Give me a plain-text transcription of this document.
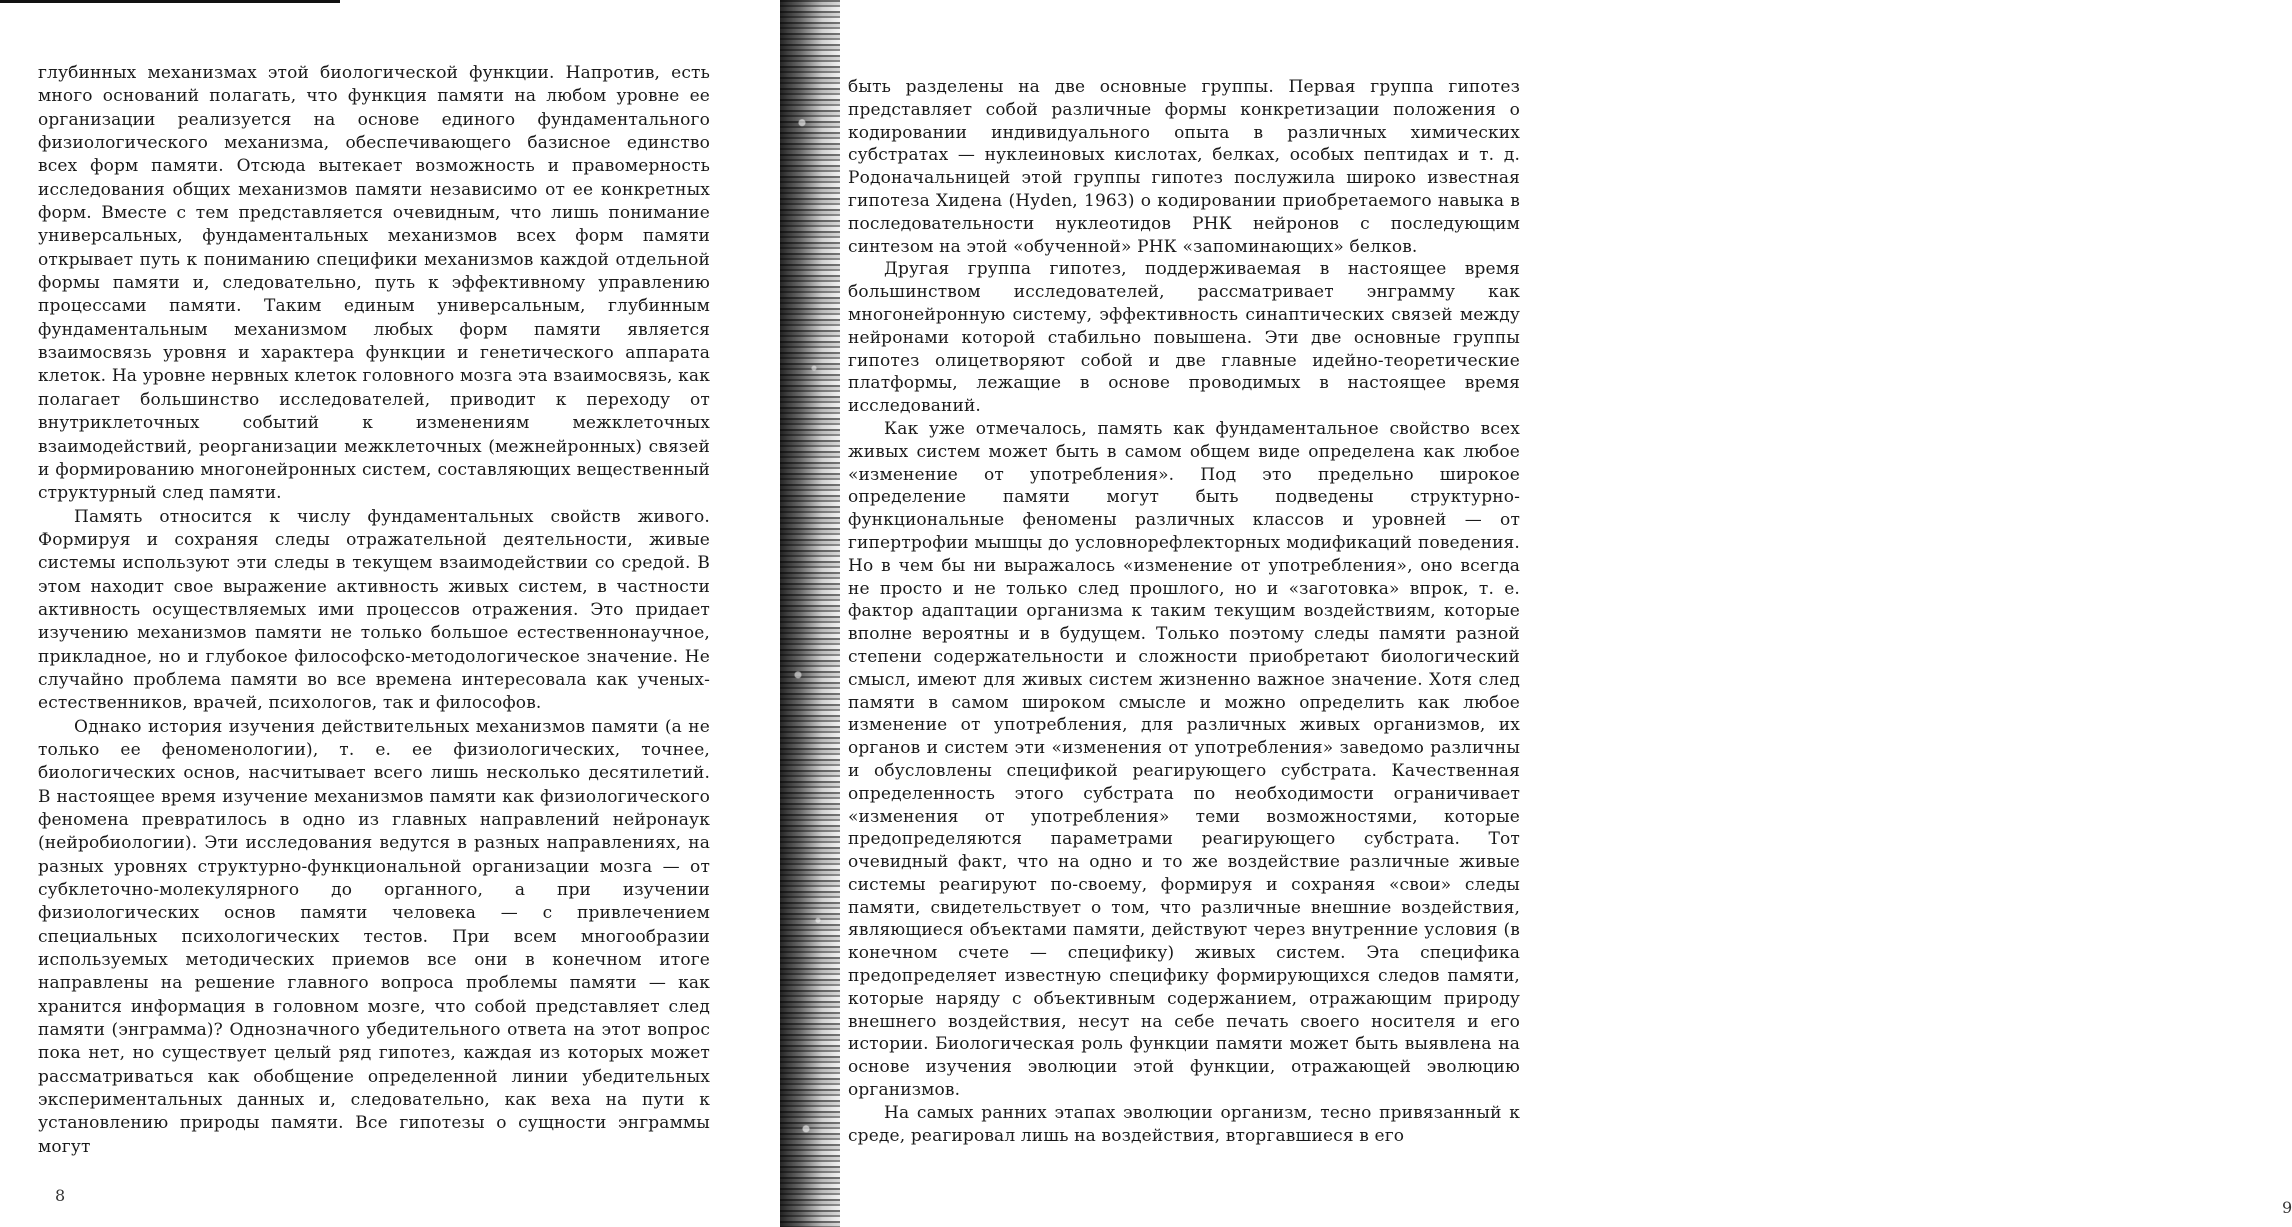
глубинных механизмах этой биологической функции. Напротив, есть много оснований полагать, что функция памяти на любом уровне ее организации реализуется на основе единого фундаментального физиологического механизма, обеспечивающего базисное единство всех форм памяти. Отсюда вытекает возможность и правомерность исследования общих механизмов памяти независимо от ее конкретных форм. Вместе с тем представляется очевидным, что лишь понимание универсальных, фундаментальных механизмов всех форм памяти открывает путь к пониманию специфики механизмов каждой отдельной формы памяти и, следовательно, путь к эффективному управлению процессами памяти. Таким единым универсальным, глубинным фундаментальным механизмом любых форм памяти является взаимосвязь уровня и характера функции и генетического аппарата клеток. На уровне нервных клеток головного мозга эта взаимосвязь, как полагает большинство исследователей, приводит к переходу от внутриклеточных событий к изменениям межклеточных взаимодействий, реорганизации межклеточных (межнейронных) связей и формированию многонейронных систем, составляющих вещественный структурный след памяти.

Память относится к числу фундаментальных свойств живого. Формируя и сохраняя следы отражательной деятельности, живые системы используют эти следы в текущем взаимодействии со средой. В этом находит свое выражение активность живых систем, в частности активность осуществляемых ими процессов отражения. Это придает изучению механизмов памяти не только большое естественнонаучное, прикладное, но и глубокое философско-методологическое значение. Не случайно проблема памяти во все времена интересовала как ученых-естественников, врачей, психологов, так и философов.

Однако история изучения действительных механизмов памяти (а не только ее феноменологии), т. е. ее физиологических, точнее, биологических основ, насчитывает всего лишь несколько десятилетий. В настоящее время изучение механизмов памяти как физиологического феномена превратилось в одно из главных направлений нейронаук (нейробиологии). Эти исследования ведутся в разных направлениях, на разных уровнях структурно-функциональной организации мозга — от субклеточно-молекулярного до органного, а при изучении физиологических основ памяти человека — с привлечением специальных психологических тестов. При всем многообразии используемых методических приемов все они в конечном итоге направлены на решение главного вопроса проблемы памяти — как хранится информация в головном мозге, что собой представляет след памяти (энграмма)? Однозначного убедительного ответа на этот вопрос пока нет, но существует целый ряд гипотез, каждая из которых может рассматриваться как обобщение определенной линии убедительных экспериментальных данных и, следовательно, как веха на пути к установлению природы памяти. Все гипотезы о сущности энграммы могут

8
9

быть разделены на две основные группы. Первая группа гипотез представляет собой различные формы конкретизации положения о кодировании индивидуального опыта в различных химических субстратах — нуклеиновых кислотах, белках, особых пептидах и т. д. Родоначальницей этой группы гипотез послужила широко известная гипотеза Хидена (Hyden, 1963) о кодировании приобретаемого навыка в последовательности нуклеотидов РНК нейронов с последующим синтезом на этой «обученной» РНК «запоминающих» белков.

Другая группа гипотез, поддерживаемая в настоящее время большинством исследователей, рассматривает энграмму как многонейронную систему, эффективность синаптических связей между нейронами которой стабильно повышена. Эти две основные группы гипотез олицетворяют собой и две главные идейно-теоретические платформы, лежащие в основе проводимых в настоящее время исследований.

Как уже отмечалось, память как фундаментальное свойство всех живых систем может быть в самом общем виде определена как любое «изменение от употребления». Под это предельно широкое определение памяти могут быть подведены структурно-функциональные феномены различных классов и уровней — от гипертрофии мышцы до условнорефлекторных модификаций поведения. Но в чем бы ни выражалось «изменение от употребления», оно всегда не просто и не только след прошлого, но и «заготовка» впрок, т. е. фактор адаптации организма к таким текущим воздействиям, которые вполне вероятны и в будущем. Только поэтому следы памяти разной степени содержательности и сложности приобретают биологический смысл, имеют для живых систем жизненно важное значение. Хотя след памяти в самом широком смысле и можно определить как любое изменение от употребления, для различных живых организмов, их органов и систем эти «изменения от употребления» заведомо различны и обусловлены спецификой реагирующего субстрата. Качественная определенность этого субстрата по необходимости ограничивает «изменения от употребления» теми возможностями, которые предопределяются параметрами реагирующего субстрата. Тот очевидный факт, что на одно и то же воздействие различные живые системы реагируют по-своему, формируя и сохраняя «свои» следы памяти, свидетельствует о том, что различные внешние воздействия, являющиеся объектами памяти, действуют через внутренние условия (в конечном счете — специфику) живых систем. Эта специфика предопределяет известную специфику формирующихся следов памяти, которые наряду с объективным содержанием, отражающим природу внешнего воздействия, несут на себе печать своего носителя и его истории. Биологическая роль функции памяти может быть выявлена на основе изучения эволюции этой функции, отражающей эволюцию организмов.

На самых ранних этапах эволюции организм, тесно привязанный к среде, реагировал лишь на воздействия, вторгавшиеся в его
